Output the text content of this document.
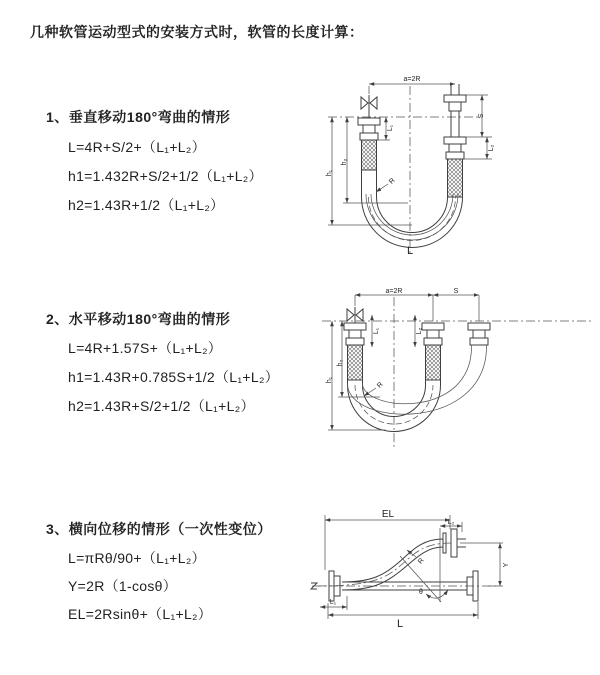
几种软管运动型式的安装方式时，软管的长度计算：
1、垂直移动180°弯曲的情形
L=4R+S/2+（L₁+L₂）
h1=1.432R+S/2+1/2（L₁+L₂）
h2=1.43R+1/2（L₁+L₂）
2、水平移动180°弯曲的情形
L=4R+1.57S+（L₁+L₂）
h1=1.43R+0.785S+1/2（L₁+L₂）
h2=1.43R+S/2+1/2（L₁+L₂）
3、横向位移的情形（一次性变位）
L=πRθ/90+（L₁+L₂）
Y=2R（1-cosθ）
EL=2Rsinθ+（L₁+L₂）
a=2R
h₁
h₂
S
L₂
L₁
R
L
a=2R	S
L₁	L₂
h₁
h₂
R
EL
L₂
Y
L
L₁
θ
R
